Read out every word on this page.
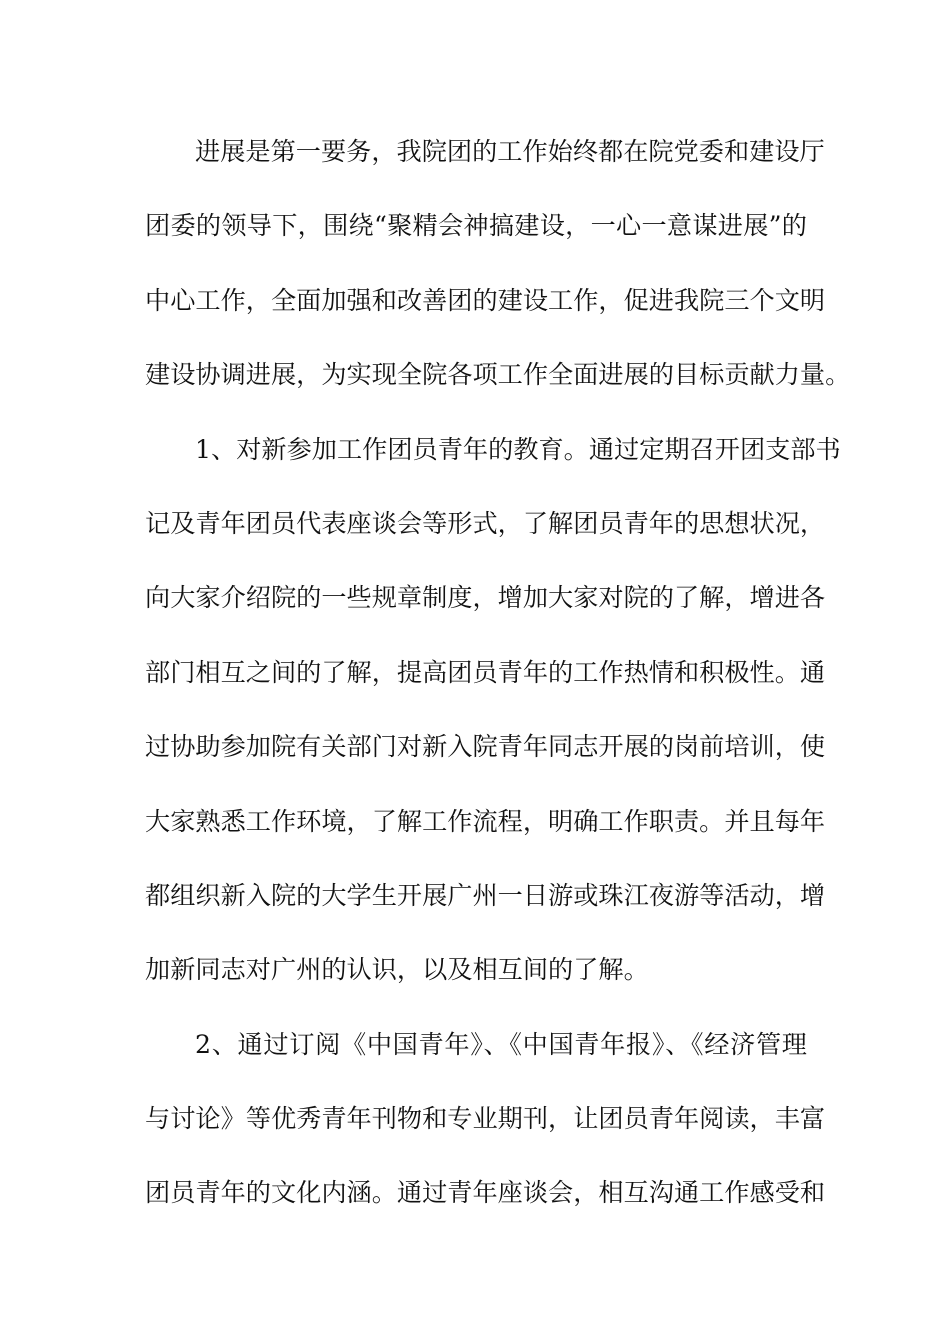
进展是第一要务，我院团的工作始终都在院党委和建设厅
团委的领导下，围绕“聚精会神搞建设，一心一意谋进展”的
中心工作，全面加强和改善团的建设工作，促进我院三个文明
建设协调进展，为实现全院各项工作全面进展的目标贡献力量。
1、对新参加工作团员青年的教育。通过定期召开团支部书
记及青年团员代表座谈会等形式，了解团员青年的思想状况，
向大家介绍院的一些规章制度，增加大家对院的了解，增进各
部门相互之间的了解，提高团员青年的工作热情和积极性。通
过协助参加院有关部门对新入院青年同志开展的岗前培训，使
大家熟悉工作环境，了解工作流程，明确工作职责。并且每年
都组织新入院的大学生开展广州一日游或珠江夜游等活动，增
加新同志对广州的认识，以及相互间的了解。
2、通过订阅《中国青年》、《中国青年报》、《经济管理
与讨论》等优秀青年刊物和专业期刊，让团员青年阅读，丰富
团员青年的文化内涵。通过青年座谈会，相互沟通工作感受和
